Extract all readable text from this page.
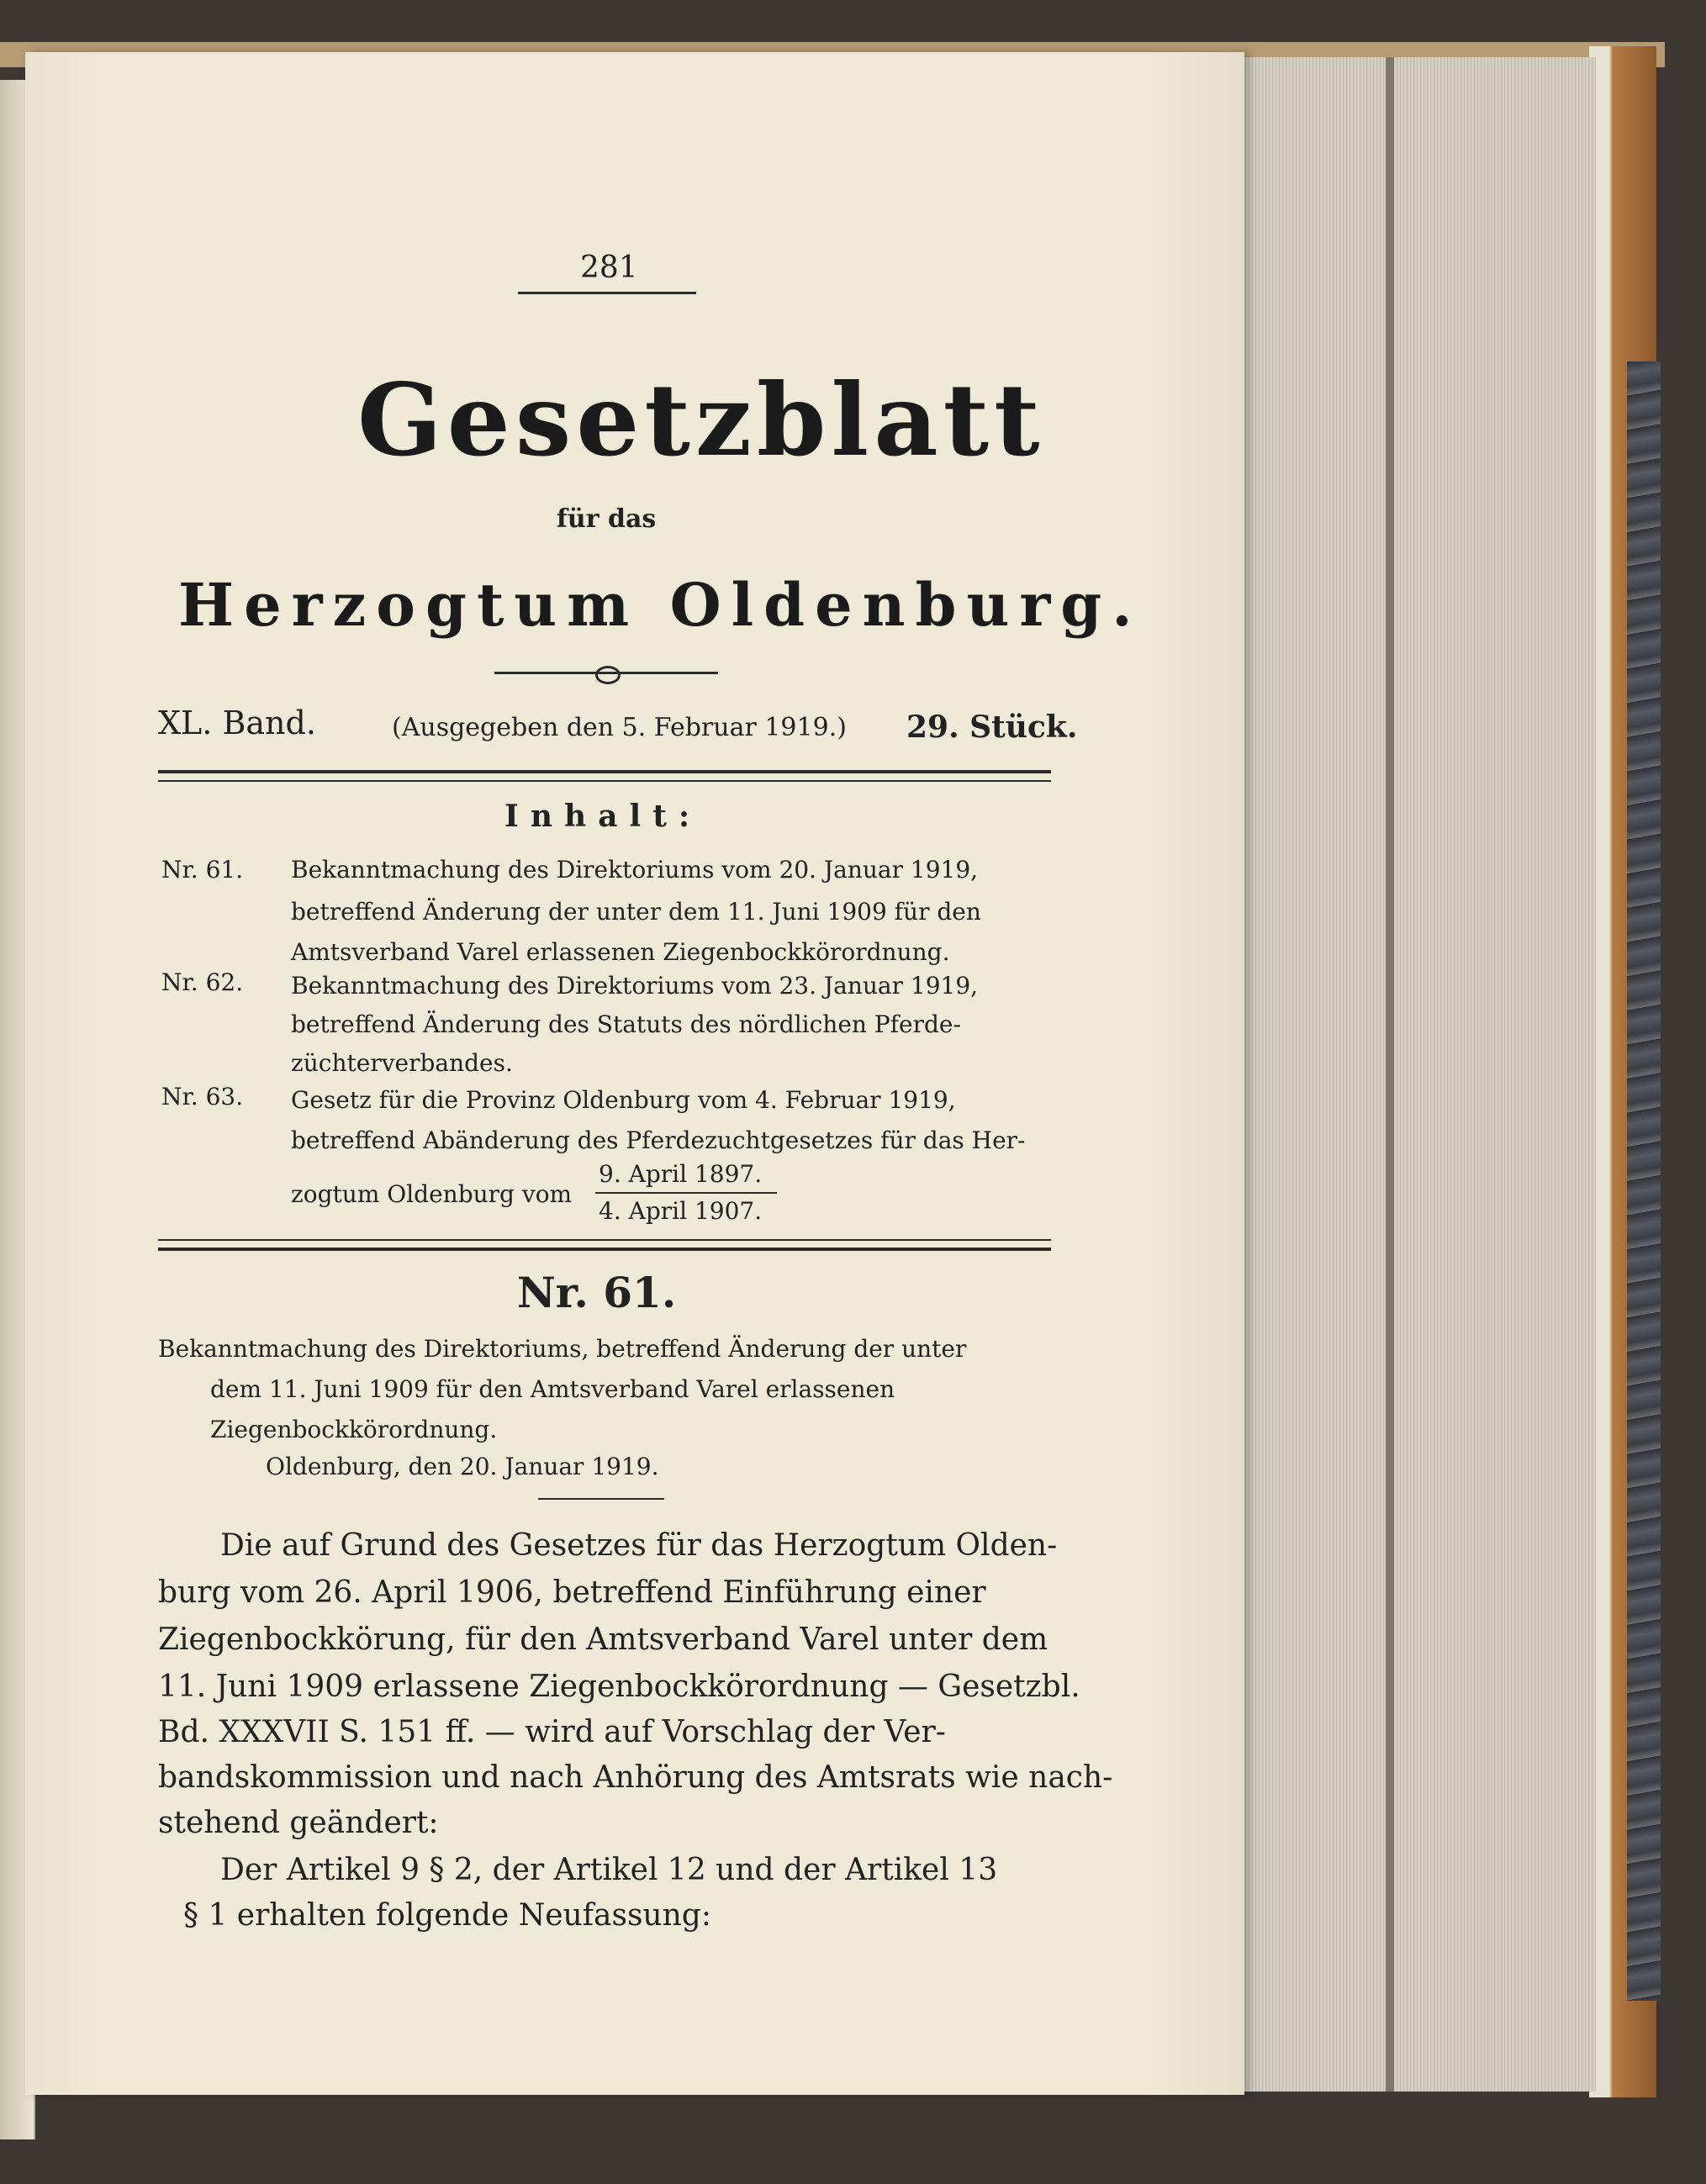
281
Gesetzblatt
für das
Herzogtum Oldenburg.
XL. Band.	(Ausgegeben den 5. Februar 1919.) 29. Stück.
Inhalt:
Nr. 61. Bekanntmachung des Direktoriums vom 20. Januar 1919,
betreffend Änderung der unter dem 11. Juni 1909 für den
Amtsverband Varel erlassenen Ziegenbockkörordnung.
Nr. 62. Bekanntmachung des Direktoriums vom 23. Januar 1919,
betreffend Änderung des Statuts des nördlichen Pferde-
züchterverbandes.
Nr. 63. Gesetz für die Provinz Oldenburg vom 4. Februar 1919,
betreffend Abänderung des Pferdezuchtgesetzes für das Her-
zogtum Oldenburg vom
9. April 1897.
4. April 1907.
Nr. 61.
Bekanntmachung des Direktoriums, betreffend Änderung der unter
dem 11. Juni 1909 für den Amtsverband Varel erlassenen
Ziegenbockkörordnung.
Oldenburg, den 20. Januar 1919.
Die auf Grund des Gesetzes für das Herzogtum Olden-
burg vom 26. April 1906, betreffend Einführung einer
Ziegenbockkörung, für den Amtsverband Varel unter dem
11. Juni 1909 erlassene Ziegenbockkörordnung — Gesetzbl.
Bd. XXXVII S. 151 ff. — wird auf Vorschlag der Ver-
bandskommission und nach Anhörung des Amtsrats wie nach-
stehend geändert:
Der Artikel 9 § 2, der Artikel 12 und der Artikel 13
§ 1 erhalten folgende Neufassung:
